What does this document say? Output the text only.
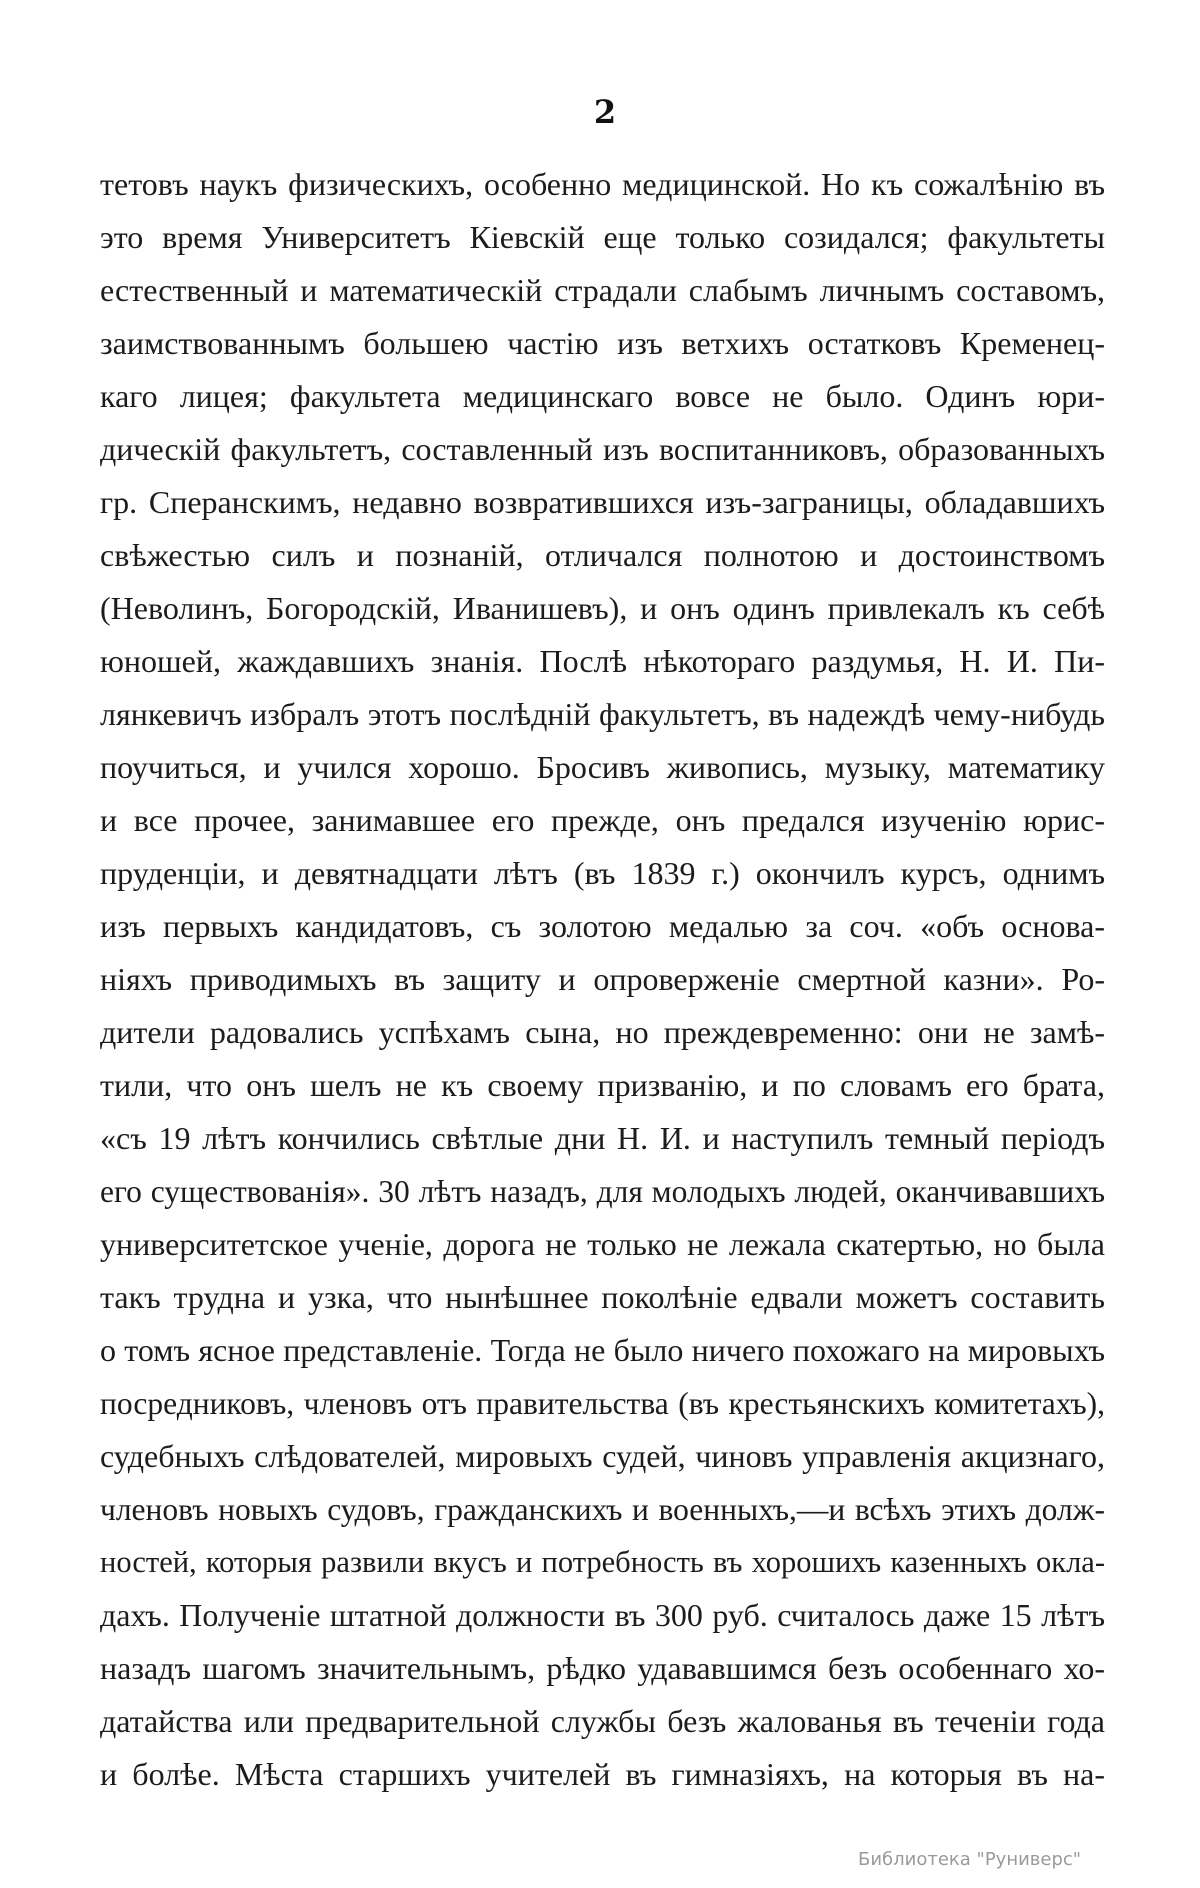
2
тетовъ наукъ физическихъ, особенно медицинской. Но къ сожалѣнію въ
это время Университетъ Кіевскій еще только созидался; факультеты
естественный и математическій страдали слабымъ личнымъ составомъ,
заимствованнымъ большею частію изъ ветхихъ остатковъ Кременец-
каго лицея; факультета медицинскаго вовсе не было. Одинъ юри-
дическій факультетъ, составленный изъ воспитанниковъ, образованныхъ
гр. Сперанскимъ, недавно возвратившихся изъ-заграницы, обладавшихъ
свѣжестью силъ и познаній, отличался полнотою и достоинствомъ
(Неволинъ, Богородскій, Иванишевъ), и онъ одинъ привлекалъ къ себѣ
юношей, жаждавшихъ знанія. Послѣ нѣкотораго раздумья, Н. И. Пи-
лянкевичъ избралъ этотъ послѣдній факультетъ, въ надеждѣ чему-нибудь
поучиться, и учился хорошо. Бросивъ живопись, музыку, математику
и все прочее, занимавшее его прежде, онъ предался изученію юрис-
пруденціи, и девятнадцати лѣтъ (въ 1839 г.) окончилъ курсъ, однимъ
изъ первыхъ кандидатовъ, съ золотою медалью за соч. «объ основа-
ніяхъ приводимыхъ въ защиту и опроверженіе смертной казни». Ро-
дители радовались успѣхамъ сына, но преждевременно: они не замѣ-
тили, что онъ шелъ не къ своему призванію, и по словамъ его брата,
«съ 19 лѣтъ кончились свѣтлые дни Н. И. и наступилъ темный періодъ
его существованія». 30 лѣтъ назадъ, для молодыхъ людей, оканчивавшихъ
университетское ученіе, дорога не только не лежала скатертью, но была
такъ трудна и узка, что нынѣшнее поколѣніе едвали можетъ составить
о томъ ясное представленіе. Тогда не было ничего похожаго на мировыхъ
посредниковъ, членовъ отъ правительства (въ крестьянскихъ комитетахъ),
судебныхъ слѣдователей, мировыхъ судей, чиновъ управленія акцизнаго,
членовъ новыхъ судовъ, гражданскихъ и военныхъ,—и всѣхъ этихъ долж-
ностей, которыя развили вкусъ и потребность въ хорошихъ казенныхъ окла-
дахъ. Полученіе штатной должности въ 300 руб. считалось даже 15 лѣтъ
назадъ шагомъ значительнымъ, рѣдко удававшимся безъ особеннаго хо-
датайства или предварительной службы безъ жалованья въ теченіи года
и болѣе. Мѣста старшихъ учителей въ гимназіяхъ, на которыя въ на-
Библиотека "Руниверс"
